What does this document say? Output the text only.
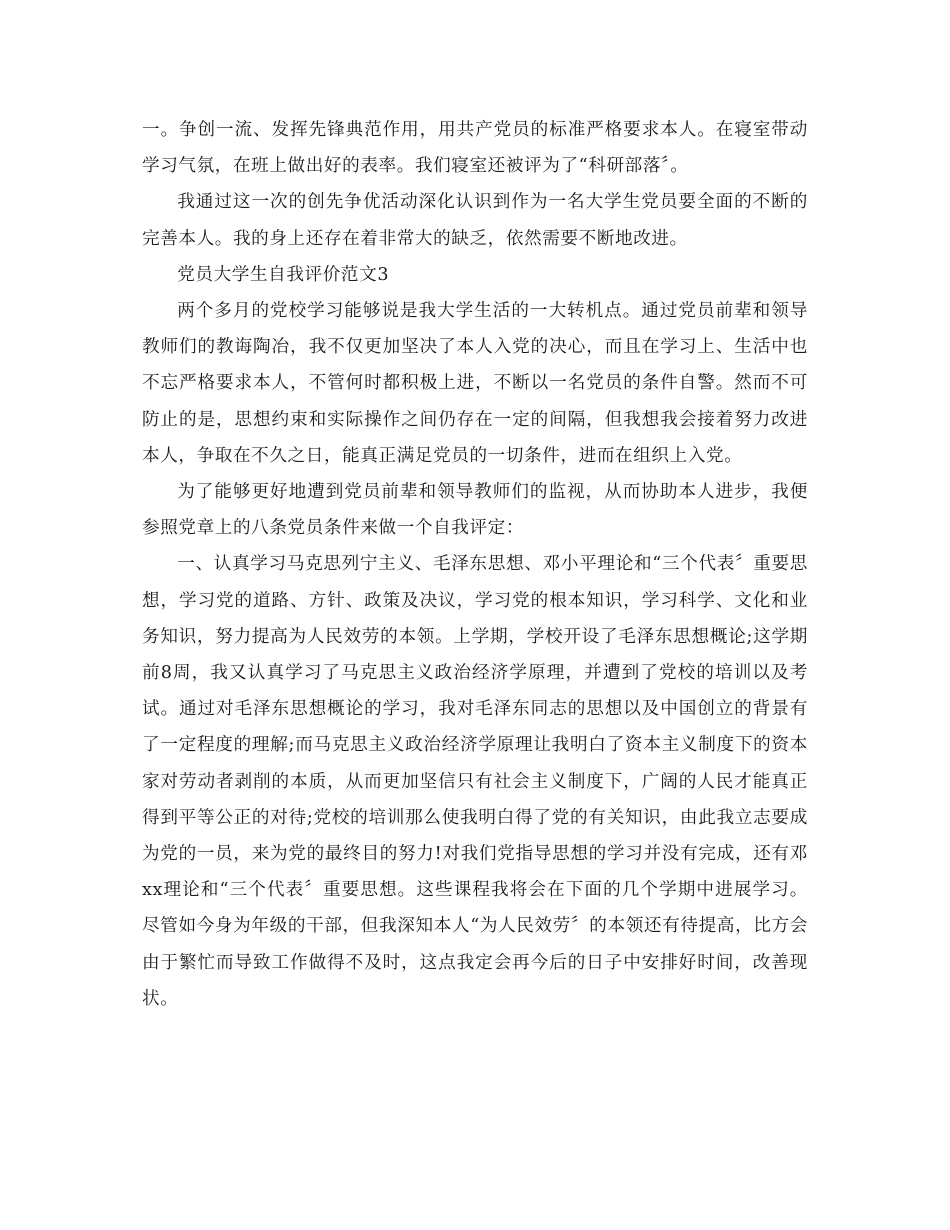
一。争创一流、发挥先锋典范作用，用共产党员的标准严格要求本人。在寝室带动学习气氛，在班上做出好的表率。我们寝室还被评为了“科研部落〞。

我通过这一次的创先争优活动深化认识到作为一名大学生党员要全面的不断的完善本人。我的身上还存在着非常大的缺乏，依然需要不断地改进。

党员大学生自我评价范文3

两个多月的党校学习能够说是我大学生活的一大转机点。通过党员前辈和领导教师们的教诲陶冶，我不仅更加坚决了本人入党的决心，而且在学习上、生活中也不忘严格要求本人，不管何时都积极上进，不断以一名党员的条件自警。然而不可防止的是，思想约束和实际操作之间仍存在一定的间隔，但我想我会接着努力改进本人，争取在不久之日，能真正满足党员的一切条件，进而在组织上入党。

为了能够更好地遭到党员前辈和领导教师们的监视，从而协助本人进步，我便参照党章上的八条党员条件来做一个自我评定：

一、认真学习马克思列宁主义、毛泽东思想、邓小平理论和“三个代表〞重要思想，学习党的道路、方针、政策及决议，学习党的根本知识，学习科学、文化和业务知识，努力提高为人民效劳的本领。上学期，学校开设了毛泽东思想概论;这学期前8周，我又认真学习了马克思主义政治经济学原理，并遭到了党校的培训以及考试。通过对毛泽东思想概论的学习，我对毛泽东同志的思想以及中国创立的背景有了一定程度的理解;而马克思主义政治经济学原理让我明白了资本主义制度下的资本家对劳动者剥削的本质，从而更加坚信只有社会主义制度下，广阔的人民才能真正得到平等公正的对待;党校的培训那么使我明白得了党的有关知识，由此我立志要成为党的一员，来为党的最终目的努力!对我们党指导思想的学习并没有完成，还有邓xx理论和“三个代表〞重要思想。这些课程我将会在下面的几个学期中进展学习。尽管如今身为年级的干部，但我深知本人“为人民效劳〞的本领还有待提高，比方会由于繁忙而导致工作做得不及时，这点我定会再今后的日子中安排好时间，改善现状。
